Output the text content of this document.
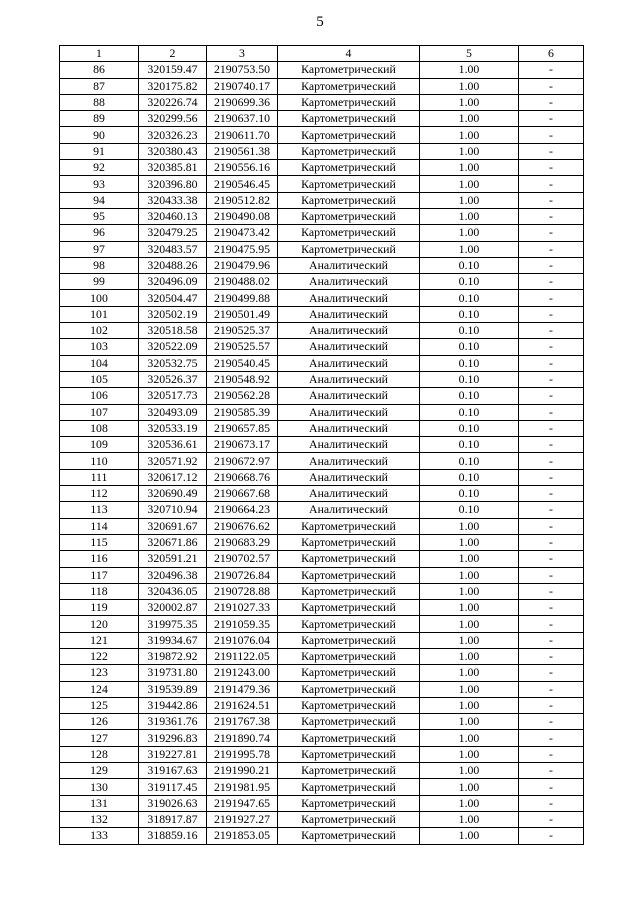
5
1	2	3	4	5	6
86	320159.47	2190753.50	Картометрический	1.00	-
87	320175.82	2190740.17	Картометрический	1.00	-
88	320226.74	2190699.36	Картометрический	1.00	-
89	320299.56	2190637.10	Картометрический	1.00	-
90	320326.23	2190611.70	Картометрический	1.00	-
91	320380.43	2190561.38	Картометрический	1.00	-
92	320385.81	2190556.16	Картометрический	1.00	-
93	320396.80	2190546.45	Картометрический	1.00	-
94	320433.38	2190512.82	Картометрический	1.00	-
95	320460.13	2190490.08	Картометрический	1.00	-
96	320479.25	2190473.42	Картометрический	1.00	-
97	320483.57	2190475.95	Картометрический	1.00	-
98	320488.26	2190479.96	Аналитический	0.10	-
99	320496.09	2190488.02	Аналитический	0.10	-
100	320504.47	2190499.88	Аналитический	0.10	-
101	320502.19	2190501.49	Аналитический	0.10	-
102	320518.58	2190525.37	Аналитический	0.10	-
103	320522.09	2190525.57	Аналитический	0.10	-
104	320532.75	2190540.45	Аналитический	0.10	-
105	320526.37	2190548.92	Аналитический	0.10	-
106	320517.73	2190562.28	Аналитический	0.10	-
107	320493.09	2190585.39	Аналитический	0.10	-
108	320533.19	2190657.85	Аналитический	0.10	-
109	320536.61	2190673.17	Аналитический	0.10	-
110	320571.92	2190672.97	Аналитический	0.10	-
111	320617.12	2190668.76	Аналитический	0.10	-
112	320690.49	2190667.68	Аналитический	0.10	-
113	320710.94	2190664.23	Аналитический	0.10	-
114	320691.67	2190676.62	Картометрический	1.00	-
115	320671.86	2190683.29	Картометрический	1.00	-
116	320591.21	2190702.57	Картометрический	1.00	-
117	320496.38	2190726.84	Картометрический	1.00	-
118	320436.05	2190728.88	Картометрический	1.00	-
119	320002.87	2191027.33	Картометрический	1.00	-
120	319975.35	2191059.35	Картометрический	1.00	-
121	319934.67	2191076.04	Картометрический	1.00	-
122	319872.92	2191122.05	Картометрический	1.00	-
123	319731.80	2191243.00	Картометрический	1.00	-
124	319539.89	2191479.36	Картометрический	1.00	-
125	319442.86	2191624.51	Картометрический	1.00	-
126	319361.76	2191767.38	Картометрический	1.00	-
127	319296.83	2191890.74	Картометрический	1.00	-
128	319227.81	2191995.78	Картометрический	1.00	-
129	319167.63	2191990.21	Картометрический	1.00	-
130	319117.45	2191981.95	Картометрический	1.00	-
131	319026.63	2191947.65	Картометрический	1.00	-
132	318917.87	2191927.27	Картометрический	1.00	-
133	318859.16	2191853.05	Картометрический	1.00	-
